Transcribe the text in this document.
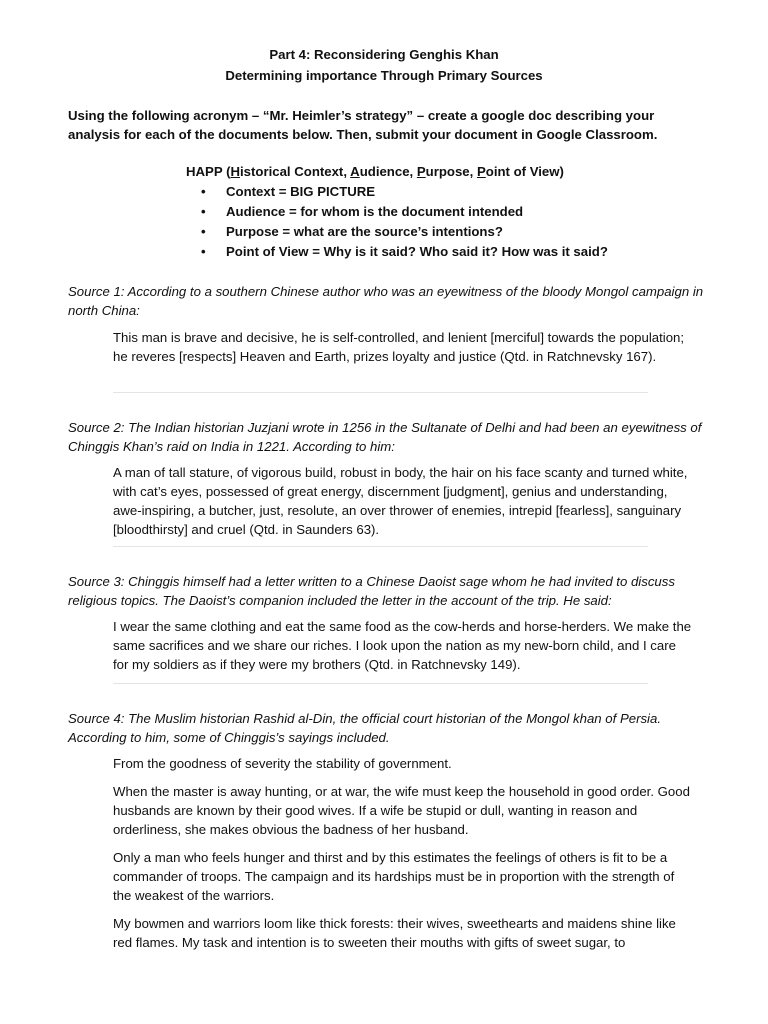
Part 4: Reconsidering Genghis Khan
Determining importance Through Primary Sources
Using the following acronym – “Mr. Heimler’s strategy” – create a google doc describing your analysis for each of the documents below. Then, submit your document in Google Classroom.
HAPP (Historical Context, Audience, Purpose, Point of View)
• Context = BIG PICTURE
• Audience = for whom is the document intended
• Purpose = what are the source’s intentions?
• Point of View = Why is it said? Who said it? How was it said?
Source 1: According to a southern Chinese author who was an eyewitness of the bloody Mongol campaign in north China:

This man is brave and decisive, he is self-controlled, and lenient [merciful] towards the population; he reveres [respects] Heaven and Earth, prizes loyalty and justice (Qtd. in Ratchnevsky 167).

Source 2: The Indian historian Juzjani wrote in 1256 in the Sultanate of Delhi and had been an eyewitness of Chinggis Khan’s raid on India in 1221. According to him:

A man of tall stature, of vigorous build, robust in body, the hair on his face scanty and turned white, with cat’s eyes, possessed of great energy, discernment [judgment], genius and understanding, awe-inspiring, a butcher, just, resolute, an over thrower of enemies, intrepid [fearless], sanguinary [bloodthirsty] and cruel (Qtd. in Saunders 63).

Source 3: Chinggis himself had a letter written to a Chinese Daoist sage whom he had invited to discuss religious topics. The Daoist’s companion included the letter in the account of the trip. He said:

I wear the same clothing and eat the same food as the cow-herds and horse-herders. We make the same sacrifices and we share our riches. I look upon the nation as my new-born child, and I care for my soldiers as if they were my brothers (Qtd. in Ratchnevsky 149).

Source 4: The Muslim historian Rashid al-Din, the official court historian of the Mongol khan of Persia. According to him, some of Chinggis’s sayings included.

From the goodness of severity the stability of government.

When the master is away hunting, or at war, the wife must keep the household in good order. Good husbands are known by their good wives. If a wife be stupid or dull, wanting in reason and orderliness, she makes obvious the badness of her husband.

Only a man who feels hunger and thirst and by this estimates the feelings of others is fit to be a commander of troops. The campaign and its hardships must be in proportion with the strength of the weakest of the warriors.

My bowmen and warriors loom like thick forests: their wives, sweethearts and maidens shine like red flames. My task and intention is to sweeten their mouths with gifts of sweet sugar, to
